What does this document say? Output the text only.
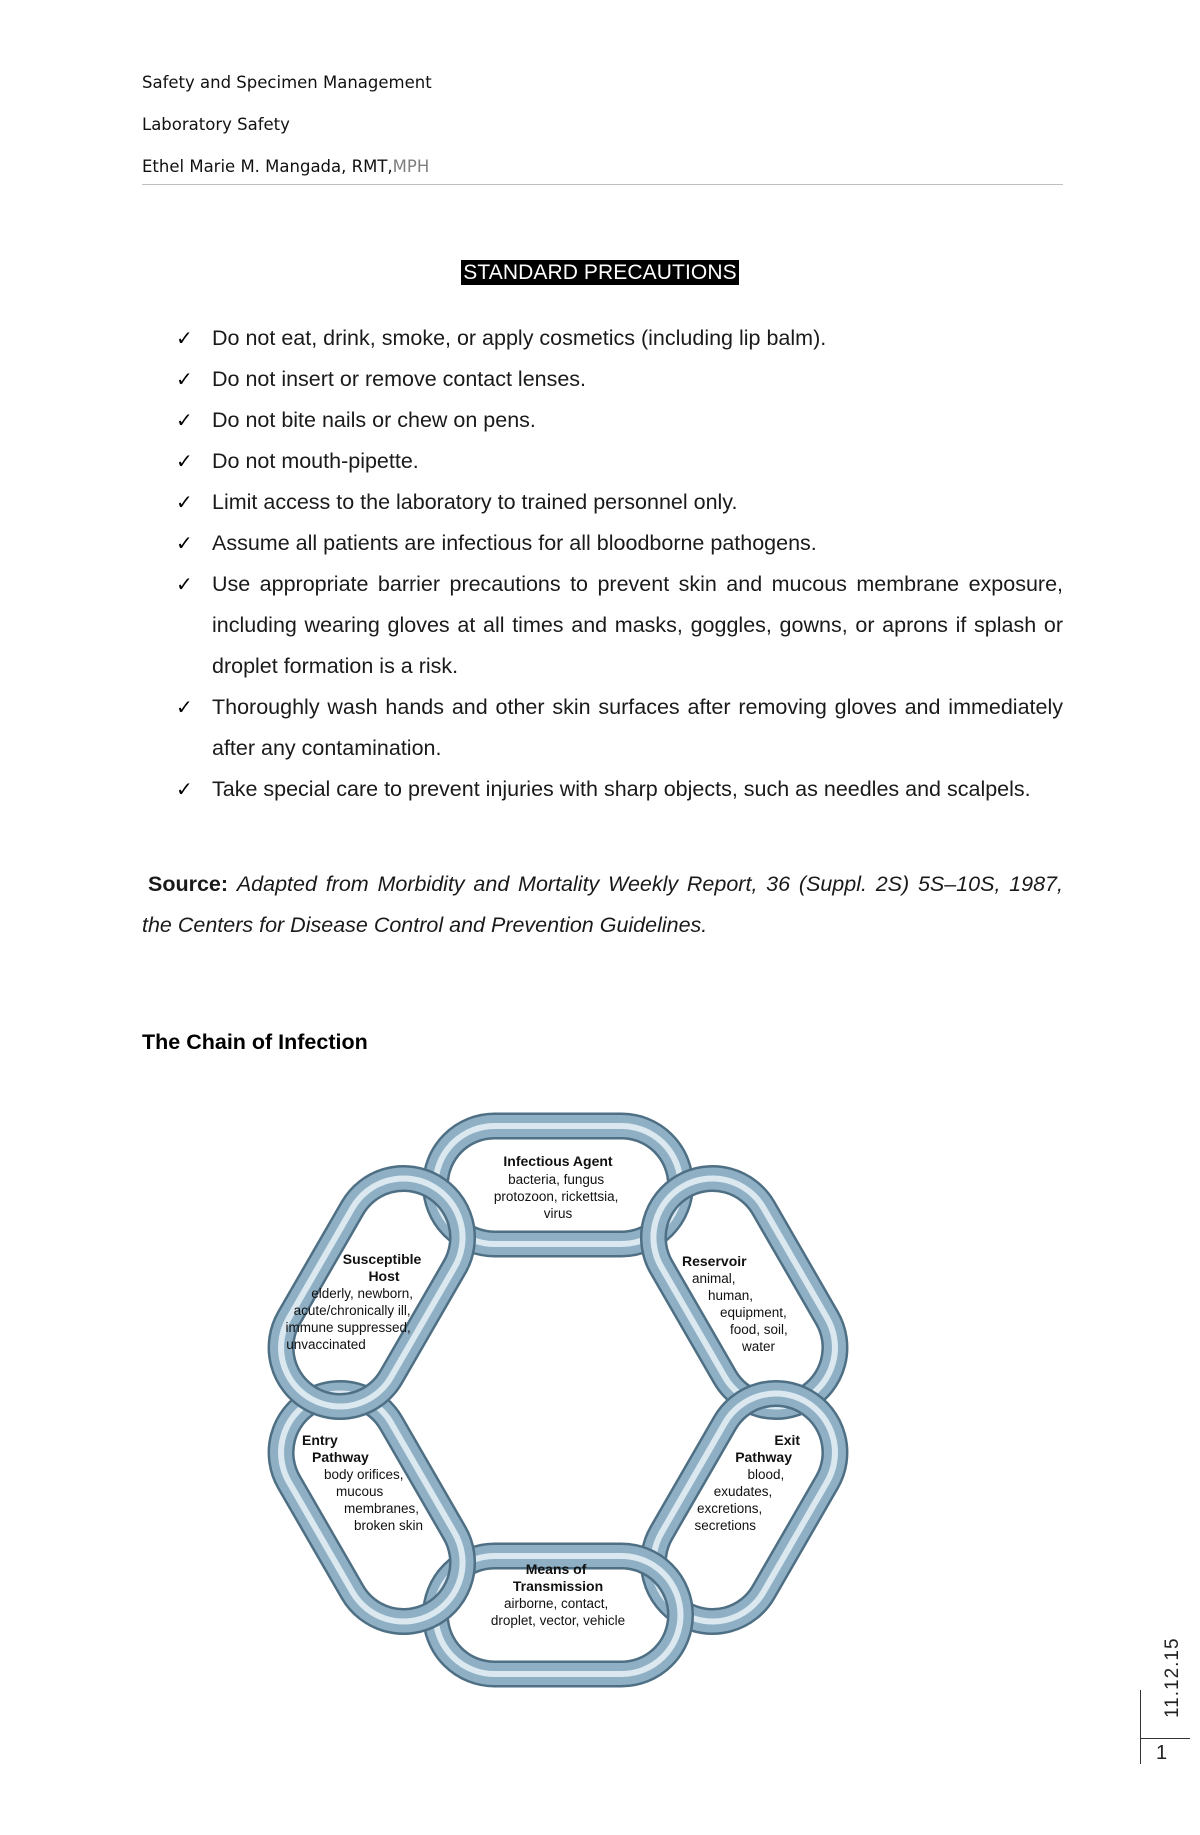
Safety and Specimen Management
Laboratory Safety
Ethel Marie M. Mangada, RMT,MPH
STANDARD PRECAUTIONS
✓ Do not eat, drink, smoke, or apply cosmetics (including lip balm).
✓ Do not insert or remove contact lenses.
✓ Do not bite nails or chew on pens.
✓ Do not mouth-pipette.
✓ Limit access to the laboratory to trained personnel only.
✓ Assume all patients are infectious for all bloodborne pathogens.
✓ Use appropriate barrier precautions to prevent skin and mucous membrane exposure, including wearing gloves at all times and masks, goggles, gowns, or aprons if splash or droplet formation is a risk.
✓ Thoroughly wash hands and other skin surfaces after removing gloves and immediately after any contamination.
✓ Take special care to prevent injuries with sharp objects, such as needles and scalpels.
Source: Adapted from Morbidity and Mortality Weekly Report, 36 (Suppl. 2S) 5S–10S, 1987, the Centers for Disease Control and Prevention Guidelines.
The Chain of Infection
Infectious Agent
bacteria, fungus protozoon, rickettsia, virus
Reservoir
animal, human, equipment, food, soil, water
Exit Pathway
blood, exudates, excretions, secretions
Means of Transmission
airborne, contact, droplet, vector, vehicle
Entry Pathway
body orifices, mucous membranes, broken skin
Susceptible Host
elderly, newborn, acute/chronically ill, immune suppressed, unvaccinated
11.12.15
1
